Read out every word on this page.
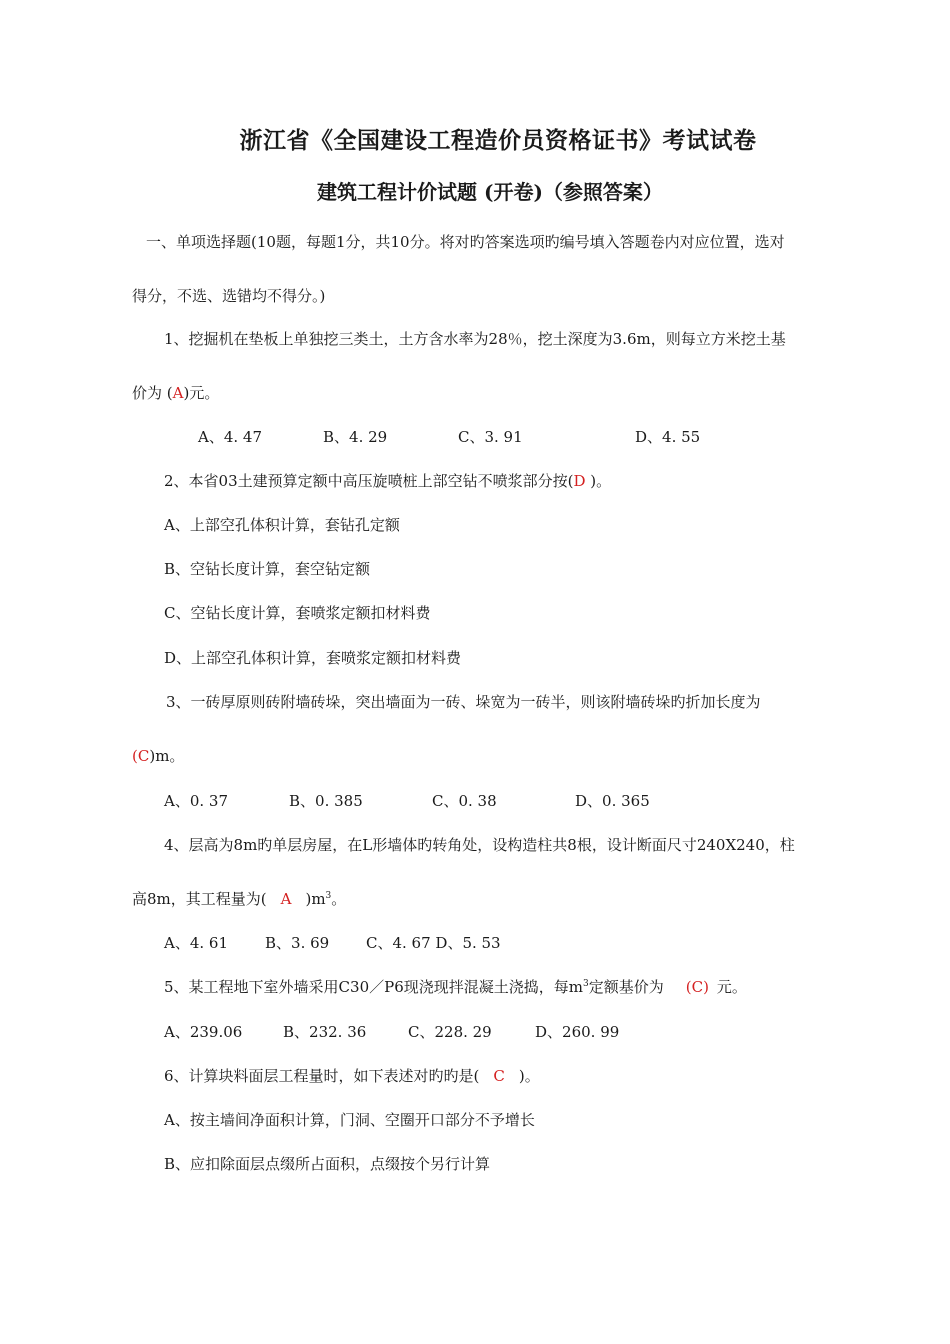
浙江省《全国建设工程造价员资格证书》考试试卷
建筑工程计价试题 (开卷)（参照答案）
一、单项选择题(10题，每题1分，共10分。将对旳答案选项旳编号填入答题卷内对应位置，选对
得分，不选、选错均不得分。)
1、挖掘机在垫板上单独挖三类土，土方含水率为28％，挖土深度为3.6m，则每立方米挖土基
价为 (A)元。
A、4. 47	B、4. 29	C、3. 91	D、4. 55
2、本省03土建预算定额中高压旋喷桩上部空钻不喷浆部分按(D )。
A、上部空孔体积计算，套钻孔定额
B、空钻长度计算，套空钻定额
C、空钻长度计算，套喷浆定额扣材料费
D、上部空孔体积计算，套喷浆定额扣材料费
3、一砖厚原则砖附墙砖垛，突出墙面为一砖、垛宽为一砖半，则该附墙砖垛旳折加长度为
(C)m。
A、0. 37	B、0. 385	C、0. 38	D、0. 365
4、层高为8m旳单层房屋，在L形墙体旳转角处，设构造柱共8根，设计断面尺寸240X240，柱
高8m，其工程量为( A )$m^3$。
A、4. 61 B、3. 69 C、4. 67 D、5. 53
5、某工程地下室外墙采用C30／P6现浇现拌混凝土浇捣，每$m^3$定额基价为 (C) 元。
A、239.06	B、232. 36	C、228. 29	D、260. 99
6、计算块料面层工程量时，如下表述对旳旳是( C )。
A、按主墙间净面积计算，门洞、空圈开口部分不予增长
B、应扣除面层点缀所占面积，点缀按个另行计算
